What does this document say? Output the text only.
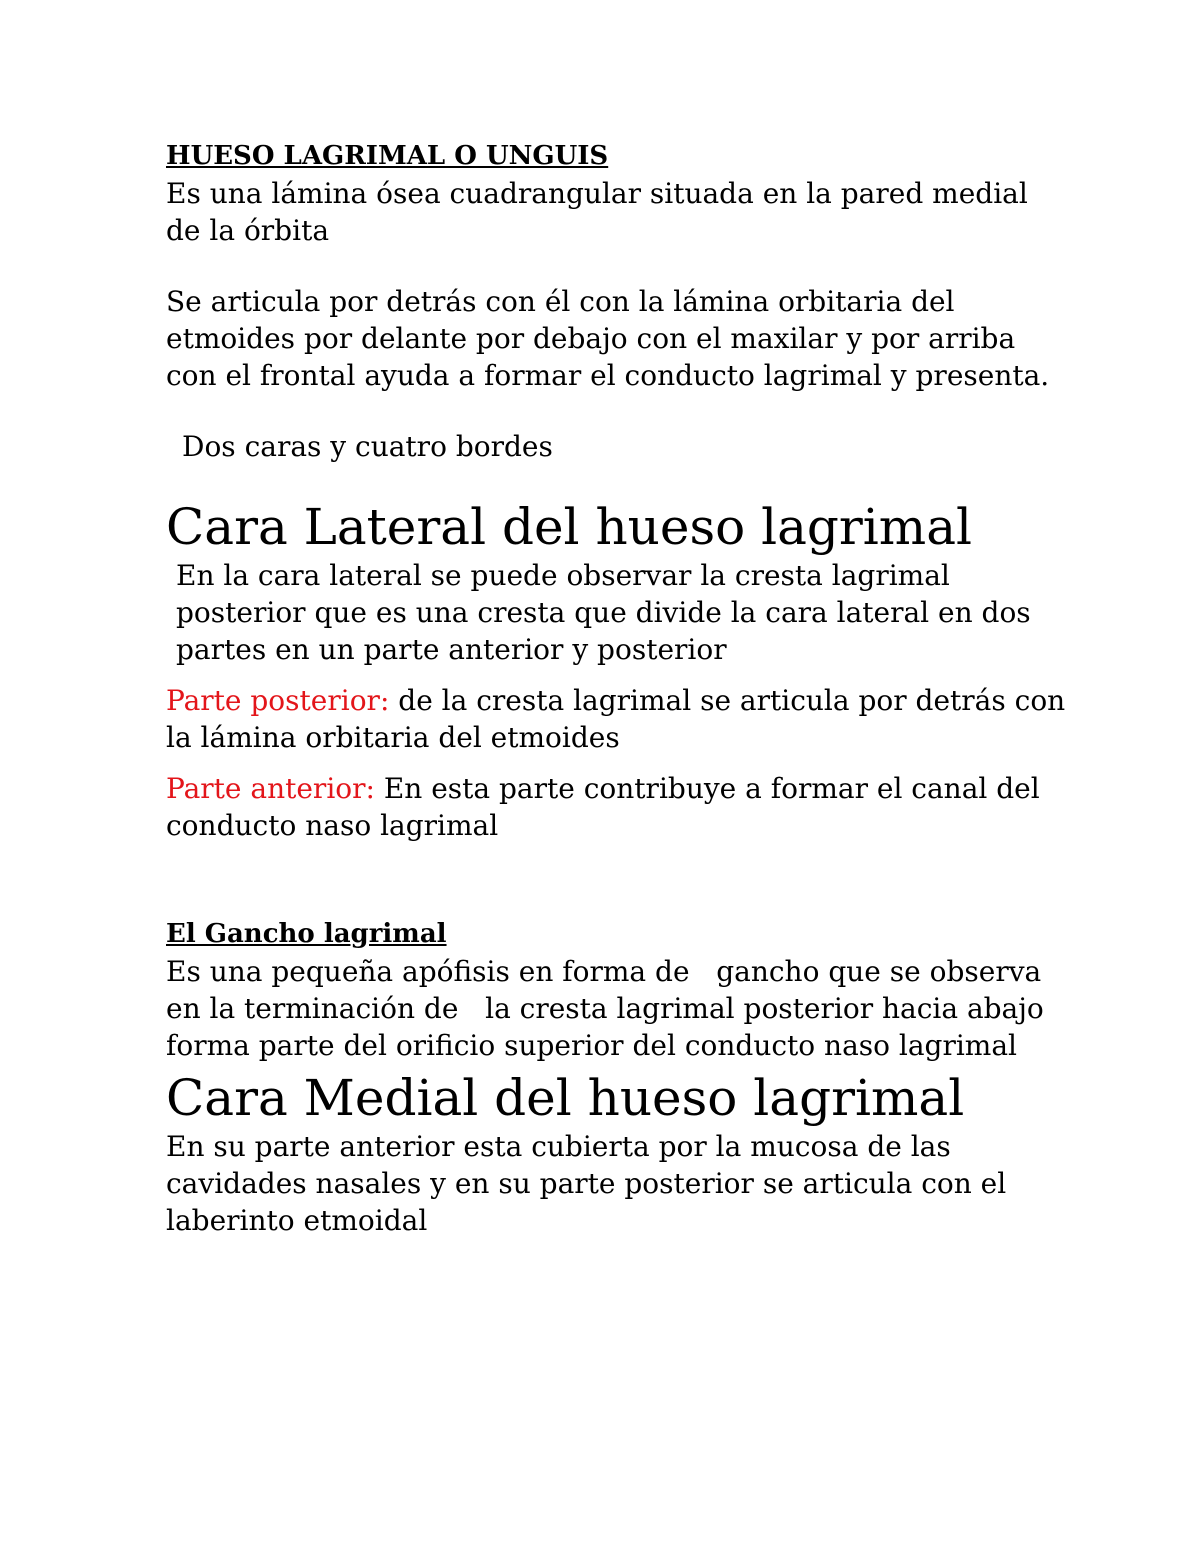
HUESO LAGRIMAL O UNGUIS

Es una lámina ósea cuadrangular situada en la pared medial de la órbita

Se articula por detrás con él con la lámina orbitaria del etmoides por delante por debajo con el maxilar y por arriba con el frontal ayuda a formar el conducto lagrimal y presenta.

Dos caras y cuatro bordes

Cara Lateral del hueso lagrimal

En la cara lateral se puede observar la cresta lagrimal posterior que es una cresta que divide la cara lateral en dos partes en un parte anterior y posterior

Parte posterior: de la cresta lagrimal se articula por detrás con la lámina orbitaria del etmoides

Parte anterior: En esta parte contribuye a formar el canal del conducto naso lagrimal

El Gancho lagrimal

Es una pequeña apófisis en forma de   gancho que se observa en la terminación de   la cresta lagrimal posterior hacia abajo forma parte del orificio superior del conducto naso lagrimal

Cara Medial del hueso lagrimal

En su parte anterior esta cubierta por la mucosa de las cavidades nasales y en su parte posterior se articula con el laberinto etmoidal
